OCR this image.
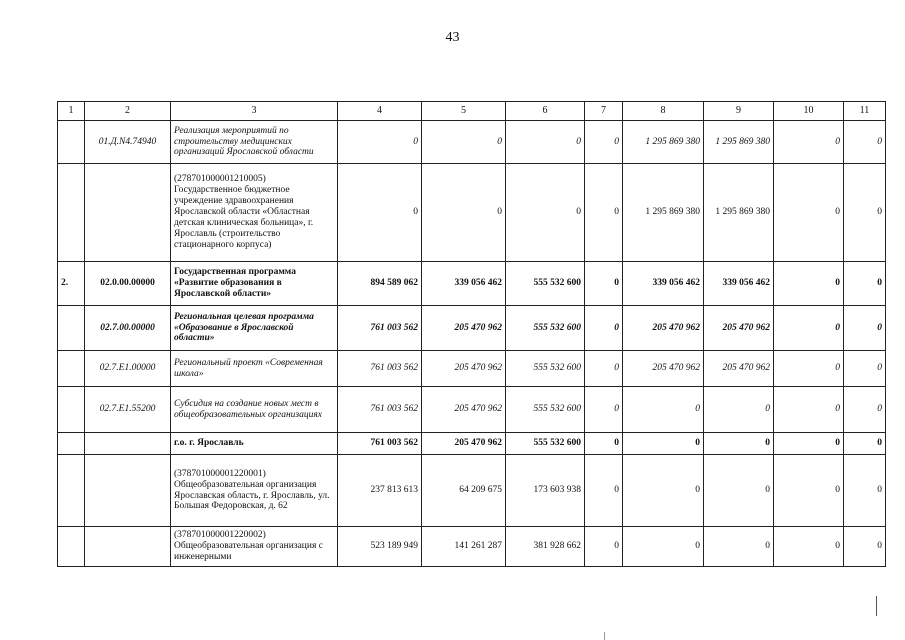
43
1	2	3	4	5	6	7	8	9	10	11
	01.Д.N4.74940	Реализация мероприятий по строительству медицинских организаций Ярославской области	0	0	0	0	1 295 869 380	1 295 869 380	0	0
		(278701000001210005) Государственное бюджетное учреждение здравоохранения Ярославской области «Областная детская клиническая больница», г. Ярославль (строительство стационарного корпуса)	0	0	0	0	1 295 869 380	1 295 869 380	0	0
2.	02.0.00.00000	Государственная программа «Развитие образования в Ярославской области»	894 589 062	339 056 462	555 532 600	0	339 056 462	339 056 462	0	0
	02.7.00.00000	Региональная целевая программа «Образование в Ярославской области»	761 003 562	205 470 962	555 532 600	0	205 470 962	205 470 962	0	0
	02.7.E1.00000	Региональный проект «Современная школа»	761 003 562	205 470 962	555 532 600	0	205 470 962	205 470 962	0	0
	02.7.E1.55200	Субсидия на создание новых мест в общеобразовательных организациях	761 003 562	205 470 962	555 532 600	0	0	0	0	0
		г.о. г. Ярославль	761 003 562	205 470 962	555 532 600	0	0	0	0	0
		(378701000001220001) Общеобразовательная организация Ярославская область, г. Ярославль, ул. Большая Федоровская, д. 62	237 813 613	64 209 675	173 603 938	0	0	0	0	0
		(378701000001220002) Общеобразовательная организация с инженерными	523 189 949	141 261 287	381 928 662	0	0	0	0	0
